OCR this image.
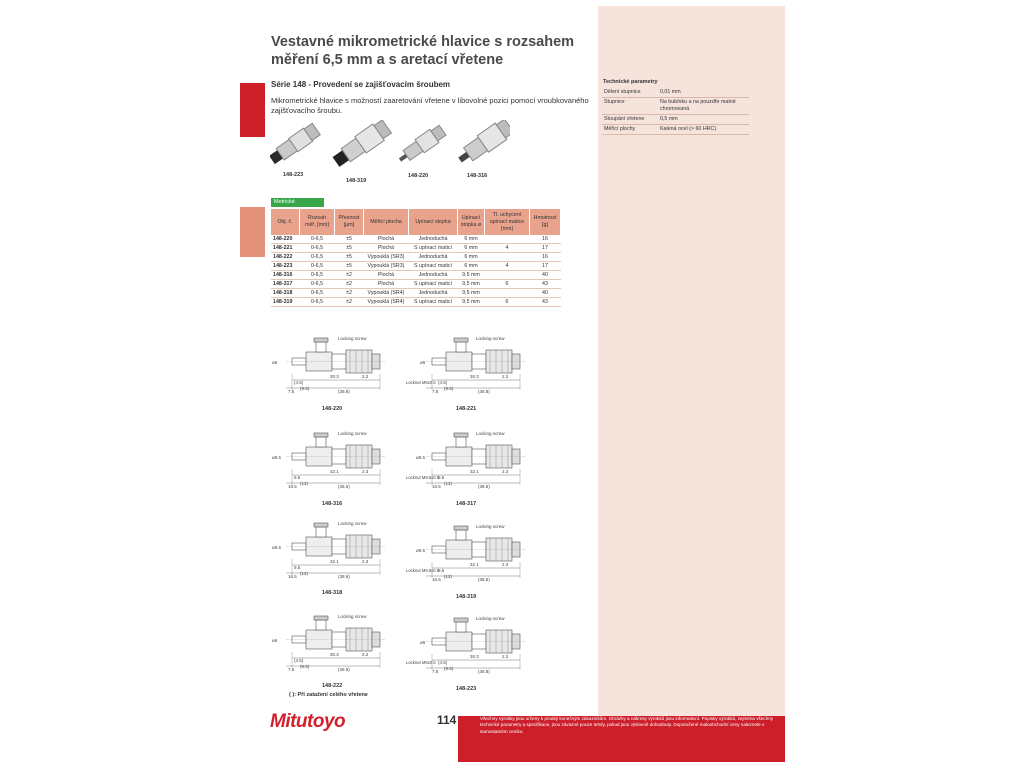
Vestavné mikrometrické hlavice s rozsahem měření 6,5 mm a s aretací vřetene
Série 148 - Provedení se zajišťovacím šroubem
Mikrometrické hlavice s možností zaaretování vřetene v libovolné pozici pomocí vroubkovaného zajišťovacího šroubu.
148-223
148-319
148-220	148-316
Metrické
Obj. č.	Rozsah měř. [mm]	Přesnost [µm]	Měřicí plocha	Upínací stopka	Upínací stopka ø	Tl. uchycení upínací matice [mm]	Hmotnost [g]
148-220	0-6,5	±5	Plochá	Jednoduchá	6 mm		16
148-221	0-6,5	±5	Plochá	S upínací maticí	6 mm	4	17
148-222	0-6,5	±5	Vypouklá (SR3)	Jednoduchá	6 mm		16
148-223	0-6,5	±5	Vypouklá (SR3)	S upínací maticí	6 mm	4	17
148-316	0-6,5	±2	Plochá	Jednoduchá	9,5 mm		40
148-317	0-6,5	±2	Plochá	S upínací maticí	9,5 mm	6	43
148-318	0-6,5	±2	Vypouklá (SR4)	Jednoduchá	9,5 mm		40
148-319	0-6,5	±2	Vypouklá (SR4)	S upínací maticí	9,5 mm	6	43
Technické parametry
Dělení stupnice	0,01 mm
Stupnice	Na bubínku a na pouzdře matně chromovaná
Stoupání vřetene	0,5 mm
Měřicí plochy	Kalená ocel (> 60 HRC)
Locking screw
ø6
30.3
(36.8)
7.5
2.2
(4.5)
(8.5)
148-220
Locking screw
Locknut M6x0.5
ø6
30.3
(36.8)
7.5
2.2
(4.5)
(8.5)
148-221
Locking screw
ø9.5
32.1
(38.6)
16.5
2.3
9.5
(12)
148-316
Locking screw
Locknut M9.5x0.5
ø9.5
32.1
(38.6)
16.5
2.3
9.5
(12)
148-317
Locking screw
ø9.5
32.1
(38.6)
16.5
2.3
9.5
(12)
148-318
Locking screw
Locknut M9.5x0.5
ø9.5
32.1
(38.6)
16.5
2.3
9.5
(12)
148-319
Locking screw
ø6
30.3
(36.8)
7.5
2.2
(4.5)
(8.5)
148-222
Locking screw
Locknut M6x0.5
ø6
30.3
(36.8)
7.5
2.2
(4.5)
(8.5)
148-223
( ): Při zatažení celého vřetene
Mitutoyo	114	Všechny výrobky jsou určeny k prodeji konečným zákazníkům. Obrázky a nákresy výrobků jsou informativní. Popisky výrobků, zejména všechny technické parametry a specifikace, jsou závazné pouze tehdy, pokud jsou výslovně dohodnuty. Doporučené maloobchodní ceny naleznete v samostatném ceníku.
